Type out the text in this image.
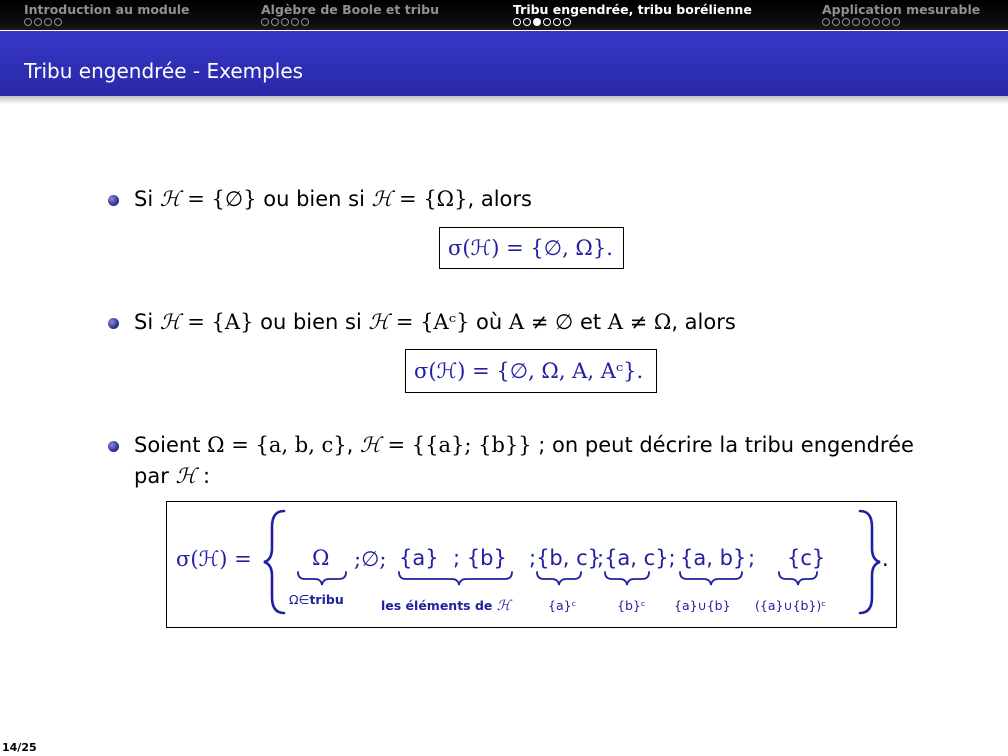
Introduction au module	Algèbre de Boole et tribu	Tribu engendrée, tribu borélienne	Application mesurable
Tribu engendrée - Exemples
Si ℋ = {∅} ou bien si ℋ = {Ω}, alors
σ(ℋ) = {∅, Ω}.
Si ℋ = {A} ou bien si ℋ = {Aᶜ} où A ≠ ∅ et A ≠ Ω, alors
σ(ℋ) = {∅, Ω, A, Aᶜ}.
Soient Ω = {a, b, c}, ℋ = {{a}; {b}} ; on peut décrire la tribu engendrée
par ℋ :
σ(ℋ) =	Ω ;∅; {a} ; {b} ;{b, c}
;{a, c}; {a, b} ; {c}	.
Ω∈tribu	les éléments de ℋ	{a}ᶜ	{b}ᶜ {a}∪{b} ({a}∪{b})ᶜ
14/25
